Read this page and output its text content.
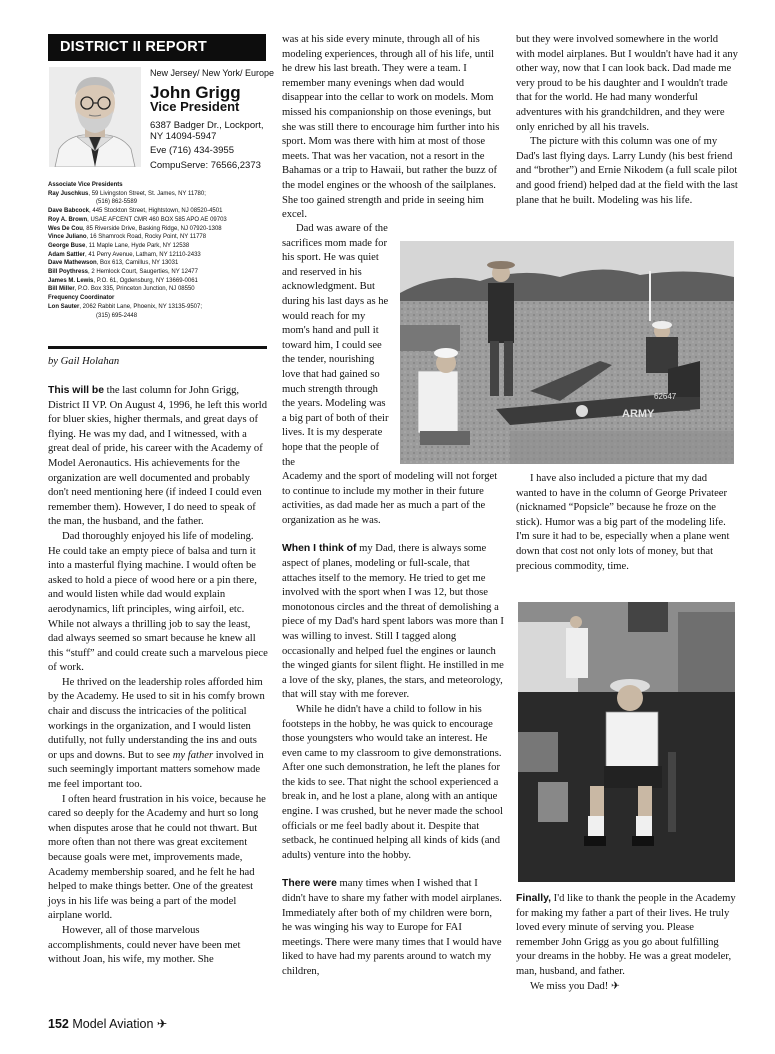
DISTRICT II REPORT
New Jersey/ New York/ Europe
John Grigg
Vice President
6387 Badger Dr., Lockport,
NY 14094-5947
Eve (716) 434-3955
CompuServe: 76566,2373
Associate Vice Presidents
Ray Juschkus, 59 Livingston Street, St. James, NY 11780;
(516) 862-5589
Dave Babcock, 445 Stockton Street, Hightstown, NJ 08520-4501
Roy A. Brown, USAE AFCENT CMR 460 BOX 585 APO AE 09703
Wes De Cou, 85 Riverside Drive, Basking Ridge, NJ 07920-1308
Vince Juliano, 16 Shamrock Road, Rocky Point, NY 11778
George Buse, 11 Maple Lane, Hyde Park, NY 12538
Adam Sattler, 41 Perry Avenue, Latham, NY 12110-2433
Dave Mathewson, Box 613, Camillus, NY 13031
Bill Poythress, 2 Hemlock Court, Saugerties, NY 12477
James M. Lewis, P.O. 61, Ogdensburg, NY 13669-0061
Bill Miller, P.O. Box 335, Princeton Junction, NJ 08550
Frequency Coordinator
Lon Sauter, 2062 Rabbit Lane, Phoenix, NY 13135-9507;
(315) 695-2448
by Gail Holahan

This will be the last column for John Grigg, District II VP. On August 4, 1996, he left this world for bluer skies, higher thermals, and great days of flying. He was my dad, and I witnessed, with a great deal of pride, his career with the Academy of Model Aeronautics. His achievements for the organization are well documented and probably don't need mentioning here (if indeed I could even remember them). However, I do need to speak of the man, the husband, and the father.

Dad thoroughly enjoyed his life of modeling. He could take an empty piece of balsa and turn it into a masterful flying machine. I would often be asked to hold a piece of wood here or a pin there, and would listen while dad would explain aerodynamics, lift principles, wing airfoil, etc. While not always a thrilling job to say the least, dad always seemed so smart because he knew all this “stuff” and could create such a marvelous piece of work.

He thrived on the leadership roles afforded him by the Academy. He used to sit in his comfy brown chair and discuss the intricacies of the political workings in the organization, and I would listen dutifully, not fully understanding the ins and outs or ups and downs. But to see my father involved in such seemingly important matters somehow made me feel important too.

I often heard frustration in his voice, because he cared so deeply for the Academy and hurt so long when disputes arose that he could not thwart. But more often than not there was great excitement because goals were met, improvements made, Academy membership soared, and he felt he had helped to make things better. One of the greatest joys in his life was being a part of the model airplane world.

However, all of those marvelous accomplishments, could never have been met without Joan, his wife, my mother. She

was at his side every minute, through all of his modeling experiences, through all of his life, until he drew his last breath. They were a team. I remember many evenings when dad would disappear into the cellar to work on models. Mom missed his companionship on those evenings, but she was still there to encourage him further into his sport. Mom was there with him at most of those meets. That was her vacation, not a resort in the Bahamas or a trip to Hawaii, but rather the buzz of the model engines or the whoosh of the sailplanes. She too gained strength and pride in seeing him excel.

Dad was aware of the sacrifices mom made for his sport. He was quiet and reserved in his acknowledgment. But during his last days as he would reach for my mom's hand and pull it toward him, I could see the tender, nourishing love that had gained so much strength through the years. Modeling was a big part of both of their lives. It is my desperate hope that the people of the

Academy and the sport of modeling will not forget to continue to include my mother in their future activities, as dad made her as much a part of the organization as he was.

When I think of my Dad, there is always some aspect of planes, modeling or full-scale, that attaches itself to the memory. He tried to get me involved with the sport when I was 12, but those monotonous circles and the threat of demolishing a piece of my Dad's hard spent labors was more than I was willing to invest. Still I tagged along occasionally and helped fuel the engines or launch the winged giants for silent flight. He instilled in me a love of the sky, planes, the stars, and meteorology, that will stay with me forever.

While he didn't have a child to follow in his footsteps in the hobby, he was quick to encourage those youngsters who would take an interest. He even came to my classroom to give demonstrations. After one such demonstration, he left the planes for the kids to see. That night the school experienced a break in, and he lost a plane, along with an antique engine. I was crushed, but he never made the school officials or me feel badly about it. Despite that setback, he continued helping all kinds of kids (and adults) venture into the hobby.

There were many times when I wished that I didn't have to share my father with model airplanes. Immediately after both of my children were born, he was winging his way to Europe for FAI meetings. There were many times that I would have liked to have had my parents around to watch my children,

but they were involved somewhere in the world with model airplanes. But I wouldn't have had it any other way, now that I can look back. Dad made me very proud to be his daughter and I wouldn't trade that for the world. He had many wonderful adventures with his grandchildren, and they were only enriched by all his travels.

The picture with this column was one of my Dad's last flying days. Larry Lundy (his best friend and “brother”) and Ernie Nikodem (a full scale pilot and good friend) helped dad at the field with the last plane that he built. Modeling was his life.

ARMY
62647

I have also included a picture that my dad wanted to have in the column of George Privateer (nicknamed “Popsicle” because he froze on the stick). Humor was a big part of the modeling life. I'm sure it had to be, especially when a plane went down that cost not only lots of money, but that precious commodity, time.

Finally, I'd like to thank the people in the Academy for making my father a part of their lives. He truly loved every minute of serving you. Please remember John Grigg as you go about fulfilling your dreams in the hobby. He was a great modeler, man, husband, and father.

We miss you Dad! ✈

152 Model Aviation ✈
